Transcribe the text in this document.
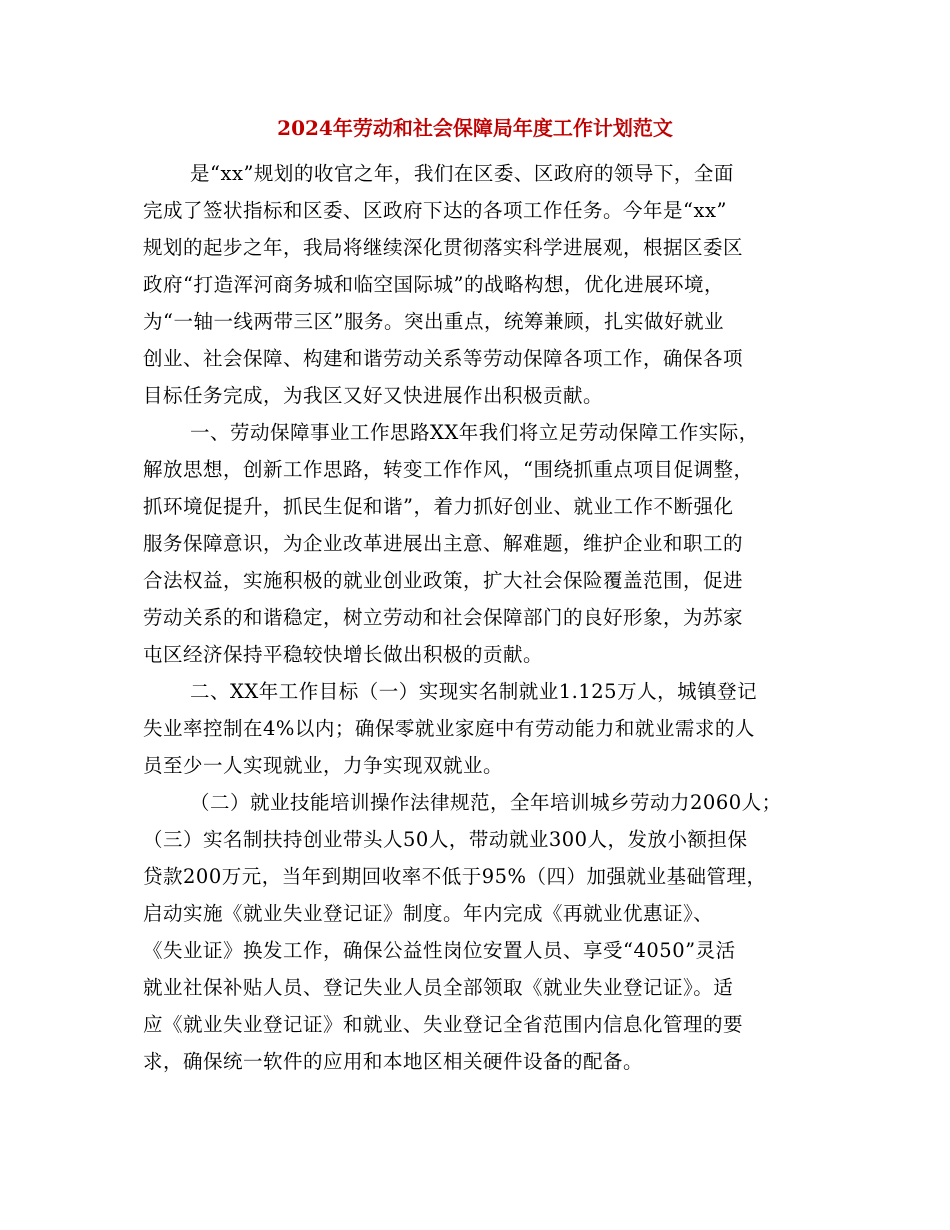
2024年劳动和社会保障局年度工作计划范文
是“xx”规划的收官之年，我们在区委、区政府的领导下，全面
完成了签状指标和区委、区政府下达的各项工作任务。今年是“xx”
规划的起步之年，我局将继续深化贯彻落实科学进展观，根据区委区
政府“打造浑河商务城和临空国际城”的战略构想，优化进展环境，
为“一轴一线两带三区”服务。突出重点，统筹兼顾，扎实做好就业
创业、社会保障、构建和谐劳动关系等劳动保障各项工作，确保各项
目标任务完成，为我区又好又快进展作出积极贡献。
一、劳动保障事业工作思路XX年我们将立足劳动保障工作实际，
解放思想，创新工作思路，转变工作作风，“围绕抓重点项目促调整，
抓环境促提升，抓民生促和谐”，着力抓好创业、就业工作不断强化
服务保障意识，为企业改革进展出主意、解难题，维护企业和职工的
合法权益，实施积极的就业创业政策，扩大社会保险覆盖范围，促进
劳动关系的和谐稳定，树立劳动和社会保障部门的良好形象，为苏家
屯区经济保持平稳较快增长做出积极的贡献。
二、XX年工作目标（一）实现实名制就业1.125万人，城镇登记
失业率控制在4%以内；确保零就业家庭中有劳动能力和就业需求的人
员至少一人实现就业，力争实现双就业。
（二）就业技能培训操作法律规范，全年培训城乡劳动力2060人；
（三）实名制扶持创业带头人50人，带动就业300人，发放小额担保
贷款200万元，当年到期回收率不低于95%（四）加强就业基础管理，
启动实施《就业失业登记证》制度。年内完成《再就业优惠证》、
《失业证》换发工作，确保公益性岗位安置人员、享受“4050”灵活
就业社保补贴人员、登记失业人员全部领取《就业失业登记证》。适
应《就业失业登记证》和就业、失业登记全省范围内信息化管理的要
求，确保统一软件的应用和本地区相关硬件设备的配备。
